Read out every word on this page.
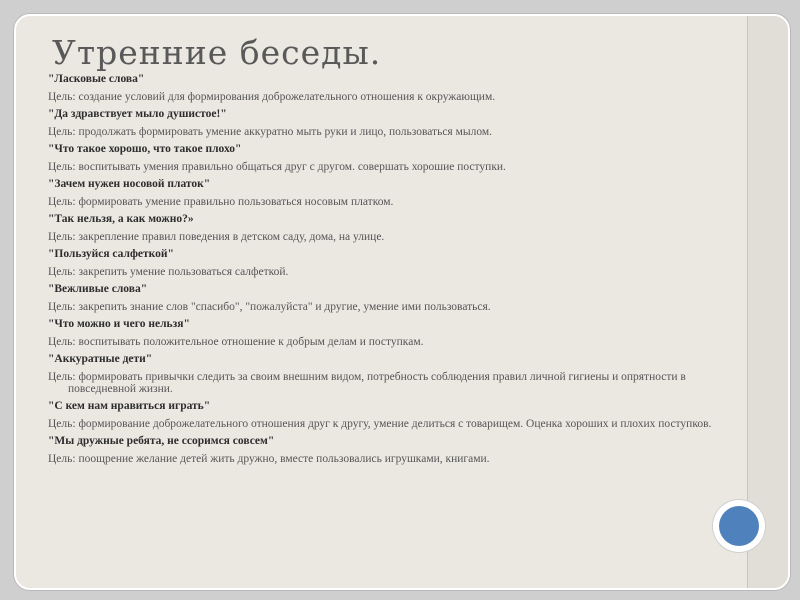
Утренние беседы.
"Ласковые слова"
Цель: создание условий для формирования доброжелательного отношения к окружающим.
"Да здравствует мыло душистое!"
Цель: продолжать формировать умение аккуратно мыть руки и лицо, пользоваться мылом.
"Что такое хорошо, что такое плохо"
Цель: воспитывать умения правильно общаться друг с другом. совершать хорошие поступки.
"Зачем нужен носовой платок"
Цель: формировать умение правильно пользоваться носовым платком.
"Так нельзя, а как можно?»
Цель: закрепление правил поведения в детском саду, дома, на улице.
"Пользуйся салфеткой"
Цель: закрепить умение пользоваться салфеткой.
"Вежливые слова"
Цель: закрепить знание слов "спасибо", "пожалуйста" и другие, умение ими пользоваться.
"Что можно и чего нельзя"
Цель: воспитывать положительное отношение к добрым делам и поступкам.
"Аккуратные дети"
Цель: формировать привычки следить за своим внешним видом, потребность соблюдения правил личной гигиены и опрятности в повседневной жизни.
"С кем нам нравиться играть"
Цель: формирование доброжелательного отношения друг к другу, умение делиться с товарищем. Оценка хороших и плохих поступков.
"Мы дружные ребята, не ссоримся совсем"
Цель: поощрение желание детей жить дружно, вместе пользовались игрушками, книгами.
